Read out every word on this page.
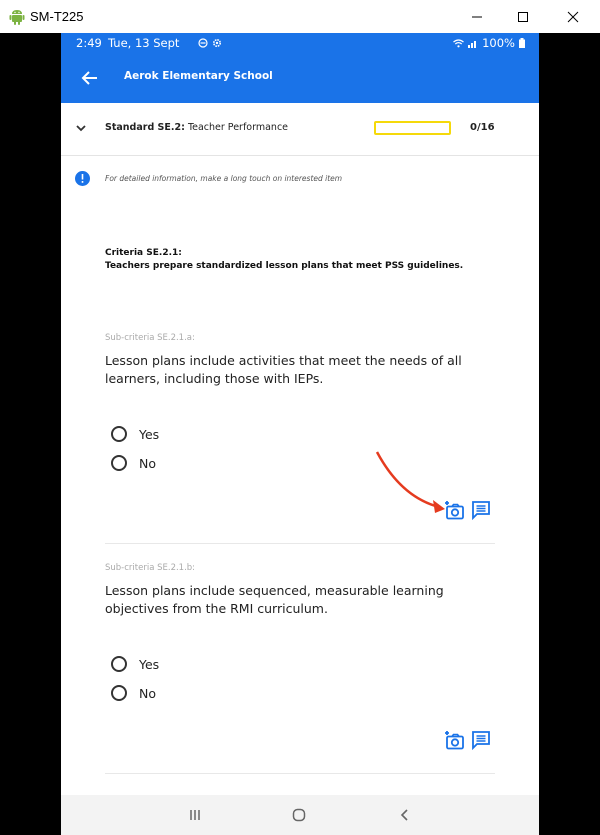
SM-T225
2:49 Tue, 13 Sept
	100%
Aerok Elementary School
Standard SE.2: Teacher Performance	0/16
For detailed information, make a long touch on interested item
Criteria SE.2.1:
Teachers prepare standardized lesson plans that meet PSS guidelines.
Sub-criteria SE.2.1.a:
Lesson plans include activities that meet the needs of all learners, including those with IEPs.
Yes
No
Sub-criteria SE.2.1.b:
Lesson plans include sequenced, measurable learning objectives from the RMI curriculum.
Yes
No
